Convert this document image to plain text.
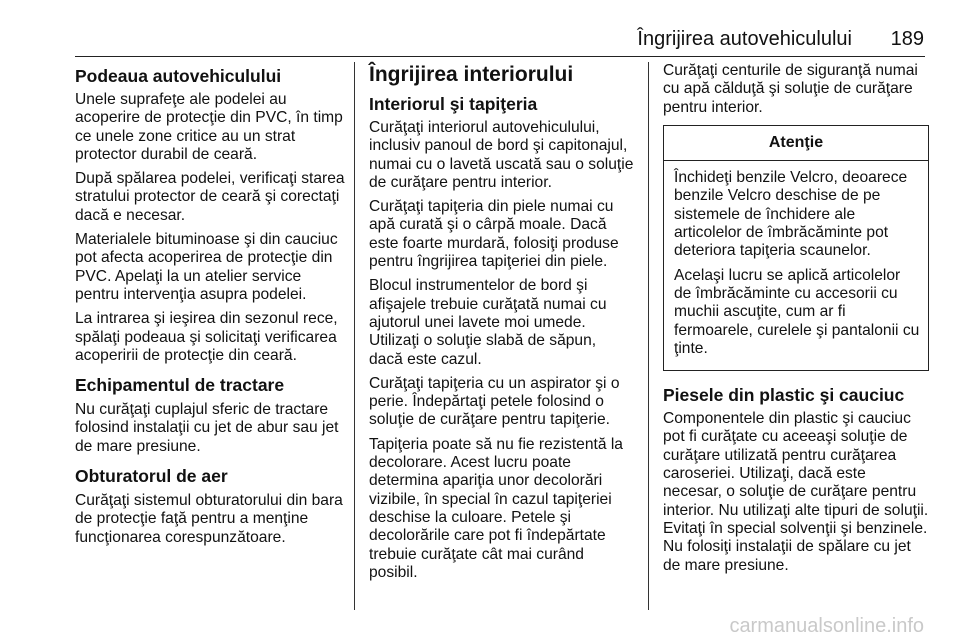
Îngrijirea autovehiculului 189
Podeaua autovehiculului

Unele suprafeţe ale podelei au acoperire de protecţie din PVC, în timp ce unele zone critice au un strat protector durabil de ceară.

După spălarea podelei, verificaţi starea stratului protector de ceară şi corectaţi dacă e necesar.

Materialele bituminoase şi din cauciuc pot afecta acoperirea de protecţie din PVC. Apelaţi la un atelier service pentru intervenţia asupra podelei.

La intrarea şi ieşirea din sezonul rece, spălaţi podeaua şi solicitaţi verificarea acoperirii de protecţie din ceară.

Echipamentul de tractare

Nu curăţaţi cuplajul sferic de tractare folosind instalaţii cu jet de abur sau jet de mare presiune.

Obturatorul de aer

Curăţaţi sistemul obturatorului din bara de protecţie faţă pentru a menţine funcţionarea corespunzătoare.

Îngrijirea interiorului
Interiorul şi tapiţeria

Curăţaţi interiorul autovehiculului, inclusiv panoul de bord şi capitonajul, numai cu o lavetă uscată sau o soluţie de curăţare pentru interior.

Curăţaţi tapiţeria din piele numai cu apă curată şi o cârpă moale. Dacă este foarte murdară, folosiţi produse pentru îngrijirea tapiţeriei din piele.

Blocul instrumentelor de bord şi afişajele trebuie curăţată numai cu ajutorul unei lavete moi umede. Utilizaţi o soluţie slabă de săpun, dacă este cazul.

Curăţaţi tapiţeria cu un aspirator şi o perie. Îndepărtaţi petele folosind o soluţie de curăţare pentru tapiţerie.

Tapiţeria poate să nu fie rezistentă la decolorare. Acest lucru poate determina apariţia unor decolorări vizibile, în special în cazul tapiţeriei deschise la culoare. Petele şi decolorările care pot fi îndepărtate trebuie curăţate cât mai curând posibil.

Curăţaţi centurile de siguranţă numai cu apă călduţă şi soluţie de curăţare pentru interior.

Atenţie

Închideţi benzile Velcro, deoarece benzile Velcro deschise de pe sistemele de închidere ale articolelor de îmbrăcăminte pot deteriora tapiţeria scaunelor.

Acelaşi lucru se aplică articolelor de îmbrăcăminte cu accesorii cu muchii ascuţite, cum ar fi fermoarele, curelele şi pantalonii cu ţinte.

Piesele din plastic şi cauciuc

Componentele din plastic şi cauciuc pot fi curăţate cu aceeaşi soluţie de curăţare utilizată pentru curăţarea caroseriei. Utilizaţi, dacă este necesar, o soluţie de curăţare pentru interior. Nu utilizaţi alte tipuri de soluţii. Evitaţi în special solvenţii şi benzinele. Nu folosiţi instalaţii de spălare cu jet de mare presiune.

carmanualsonline.info
